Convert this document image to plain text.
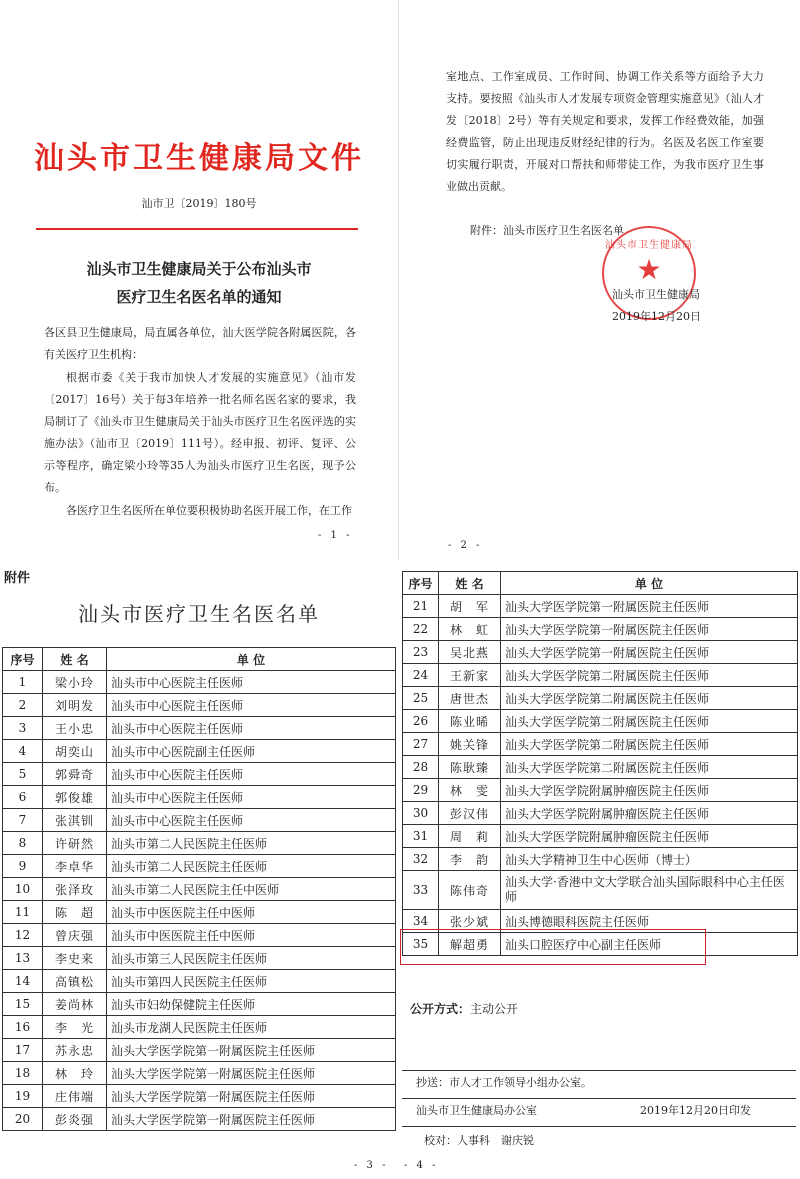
汕头市卫生健康局文件
汕市卫〔2019〕180号
汕头市卫生健康局关于公布汕头市
医疗卫生名医名单的通知
各区县卫生健康局，局直属各单位，汕大医学院各附属医院，各有关医疗卫生机构：
根据市委《关于我市加快人才发展的实施意见》（汕市发〔2017〕16号）关于每3年培养一批名师名医名家的要求，我局制订了《汕头市卫生健康局关于汕头市医疗卫生名医评选的实施办法》（汕市卫〔2019〕111号）。经申报、初评、复评、公示等程序，确定梁小玲等35人为汕头市医疗卫生名医，现予公布。
各医疗卫生名医所在单位要积极协助名医开展工作，在工作
- 1 -
室地点、工作室成员、工作时间、协调工作关系等方面给予大力支持。要按照《汕头市人才发展专项资金管理实施意见》（汕人才发〔2018〕2号）等有关规定和要求，发挥工作经费效能，加强经费监管，防止出现违反财经纪律的行为。名医及名医工作室要切实履行职责，开展对口帮扶和师带徒工作，为我市医疗卫生事业做出贡献。
附件：汕头市医疗卫生名医名单
汕头市卫生健康局
★
汕头市卫生健康局
2019年12月20日
- 2 -
附件
汕头市医疗卫生名医名单
序号	姓 名	单 位
1	梁小玲	汕头市中心医院主任医师
2	刘明发	汕头市中心医院主任医师
3	王小忠	汕头市中心医院主任医师
4	胡奕山	汕头市中心医院副主任医师
5	郭舜奇	汕头市中心医院主任医师
6	郭俊雄	汕头市中心医院主任医师
7	张淇钏	汕头市中心医院主任医师
8	许研然	汕头市第二人民医院主任医师
9	李卓华	汕头市第二人民医院主任医师
10	张泽玫	汕头市第二人民医院主任中医师
11	陈　超	汕头市中医医院主任中医师
12	曾庆强	汕头市中医医院主任中医师
13	李史来	汕头市第三人民医院主任医师
14	高镇松	汕头市第四人民医院主任医师
15	姜尚林	汕头市妇幼保健院主任医师
16	李　光	汕头市龙湖人民医院主任医师
17	苏永忠	汕头大学医学院第一附属医院主任医师
18	林　玲	汕头大学医学院第一附属医院主任医师
19	庄伟端	汕头大学医学院第一附属医院主任医师
20	彭炎强	汕头大学医学院第一附属医院主任医师
序号	姓 名	单 位
21	胡　军	汕头大学医学院第一附属医院主任医师
22	林　虹	汕头大学医学院第一附属医院主任医师
23	吴北燕	汕头大学医学院第一附属医院主任医师
24	王新家	汕头大学医学院第二附属医院主任医师
25	唐世杰	汕头大学医学院第二附属医院主任医师
26	陈业晞	汕头大学医学院第二附属医院主任医师
27	姚关锋	汕头大学医学院第二附属医院主任医师
28	陈耿臻	汕头大学医学院第二附属医院主任医师
29	林　雯	汕头大学医学院附属肿瘤医院主任医师
30	彭汉伟	汕头大学医学院附属肿瘤医院主任医师
31	周　莉	汕头大学医学院附属肿瘤医院主任医师
32	李　韵	汕头大学精神卫生中心医师（博士）
33	陈伟奇	汕头大学·香港中文大学联合汕头国际眼科中心主任医师
34	张少斌	汕头博德眼科医院主任医师
35	解超勇	汕头口腔医疗中心副主任医师
公开方式：主动公开
抄送：市人才工作领导小组办公室。
汕头市卫生健康局办公室	2019年12月20日印发
校对：人事科　谢庆锐
- 3 - - 4 -
